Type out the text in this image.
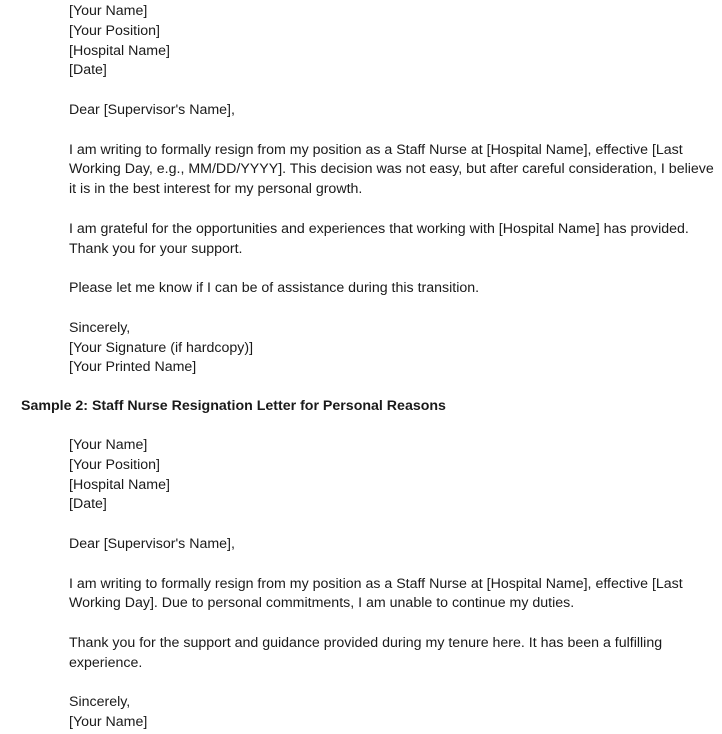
[Your Name]
[Your Position]
[Hospital Name]
[Date]
Dear [Supervisor's Name],
I am writing to formally resign from my position as a Staff Nurse at [Hospital Name], effective [Last Working Day, e.g., MM/DD/YYYY]. This decision was not easy, but after careful consideration, I believe it is in the best interest for my personal growth.
I am grateful for the opportunities and experiences that working with [Hospital Name] has provided. Thank you for your support.
Please let me know if I can be of assistance during this transition.
Sincerely,
[Your Signature (if hardcopy)]
[Your Printed Name]
Sample 2: Staff Nurse Resignation Letter for Personal Reasons
[Your Name]
[Your Position]
[Hospital Name]
[Date]
Dear [Supervisor's Name],
I am writing to formally resign from my position as a Staff Nurse at [Hospital Name], effective [Last Working Day]. Due to personal commitments, I am unable to continue my duties.
Thank you for the support and guidance provided during my tenure here. It has been a fulfilling experience.
Sincerely,
[Your Name]
